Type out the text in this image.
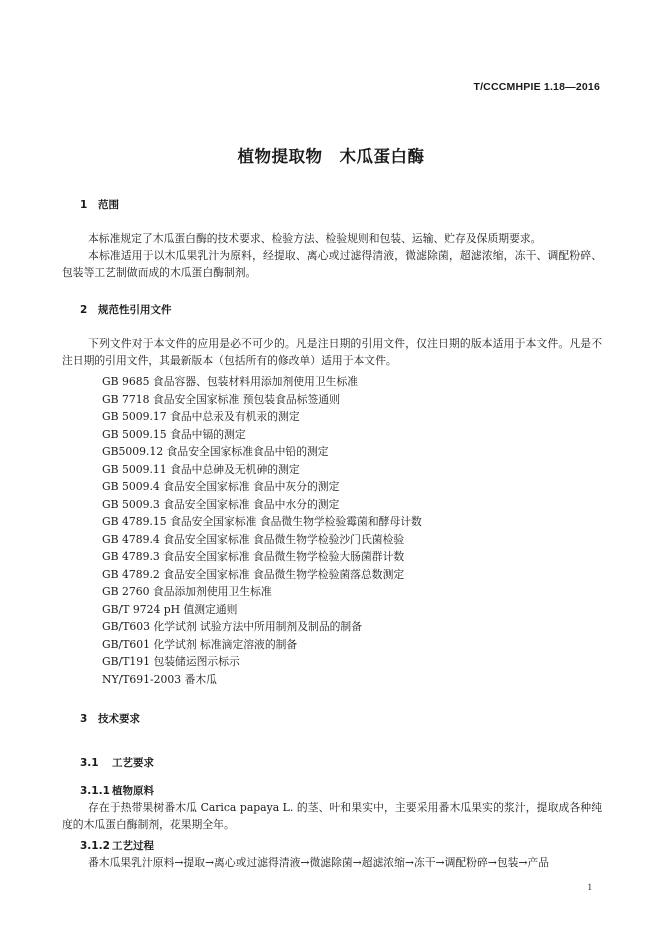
T/CCCMHPIE 1.18—2016
植物提取物　木瓜蛋白酶
1 范围
本标准规定了木瓜蛋白酶的技术要求、检验方法、检验规则和包装、运输、贮存及保质期要求。
本标准适用于以木瓜果乳汁为原料，经提取、离心或过滤得清液，微滤除菌，超滤浓缩，冻干、调配粉碎、包装等工艺制做而成的木瓜蛋白酶制剂。
2 规范性引用文件
下列文件对于本文件的应用是必不可少的。凡是注日期的引用文件，仅注日期的版本适用于本文件。凡是不注日期的引用文件，其最新版本（包括所有的修改单）适用于本文件。
GB 9685 食品容器、包装材料用添加剂使用卫生标准
GB 7718 食品安全国家标准 预包装食品标签通则
GB 5009.17 食品中总汞及有机汞的测定
GB 5009.15 食品中镉的测定
GB5009.12 食品安全国家标准食品中铅的测定
GB 5009.11 食品中总砷及无机砷的测定
GB 5009.4 食品安全国家标准 食品中灰分的测定
GB 5009.3 食品安全国家标准 食品中水分的测定
GB 4789.15 食品安全国家标准 食品微生物学检验霉菌和酵母计数
GB 4789.4 食品安全国家标准 食品微生物学检验沙门氏菌检验
GB 4789.3 食品安全国家标准 食品微生物学检验大肠菌群计数
GB 4789.2 食品安全国家标准 食品微生物学检验菌落总数测定
GB 2760 食品添加剂使用卫生标准
GB/T 9724 pH 值测定通则
GB/T603 化学试剂 试验方法中所用制剂及制品的制备
GB/T601 化学试剂 标准滴定溶液的制备
GB/T191 包装储运图示标示
NY/T691-2003 番木瓜
3 技术要求
3.1 工艺要求
3.1.1 植物原料
存在于热带果树番木瓜 Carica papaya L. 的茎、叶和果实中，主要采用番木瓜果实的浆汁，提取成各种纯度的木瓜蛋白酶制剂，花果期全年。
3.1.2 工艺过程
番木瓜果乳汁原料→提取→离心或过滤得清液→微滤除菌→超滤浓缩→冻干→调配粉碎→包装→产品
1
